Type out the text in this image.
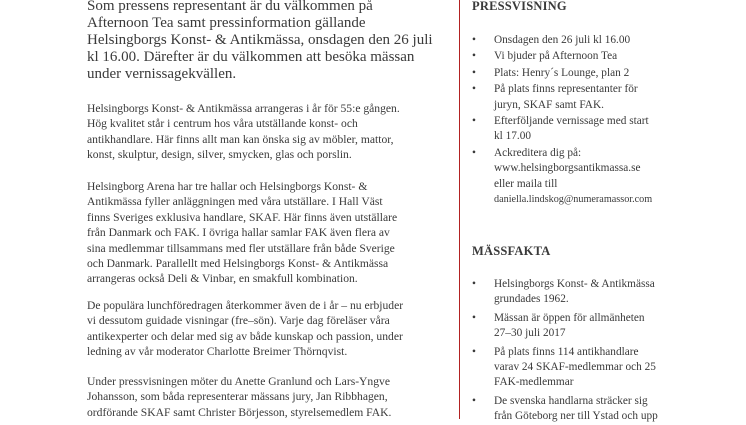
Som pressens representant är du välkommen på
Afternoon Tea samt pressinformation gällande
Helsingborgs Konst- & Antikmässa, onsdagen den 26 juli
kl 16.00. Därefter är du välkommen att besöka mässan
under vernissagekvällen.
Helsingborgs Konst- & Antikmässa arrangeras i år för 55:e gången.
Hög kvalitet står i centrum hos våra utställande konst- och
antikhandlare. Här finns allt man kan önska sig av möbler, mattor,
konst, skulptur, design, silver, smycken, glas och porslin.
Helsingborg Arena har tre hallar och Helsingborgs Konst- &
Antikmässa fyller anläggningen med våra utställare. I Hall Väst
finns Sveriges exklusiva handlare, SKAF. Här finns även utställare
från Danmark och FAK. I övriga hallar samlar FAK även flera av
sina medlemmar tillsammans med fler utställare från både Sverige
och Danmark. Parallellt med Helsingborgs Konst- & Antikmässa
arrangeras också Deli & Vinbar, en smakfull kombination.
De populära lunchföredragen återkommer även de i år – nu erbjuder
vi dessutom guidade visningar (fre–sön). Varje dag föreläser våra
antikexperter och delar med sig av både kunskap och passion, under
ledning av vår moderator Charlotte Breimer Thörnqvist.
Under pressvisningen möter du Anette Granlund och Lars-Yngve
Johansson, som båda representerar mässans jury, Jan Ribbhagen,
ordförande SKAF samt Christer Börjesson, styrelsemedlem FAK.
PRESSVISNING
• Onsdagen den 26 juli kl 16.00
• Vi bjuder på Afternoon Tea
• Plats: Henry´s Lounge, plan 2
• På plats finns representanter för
juryn, SKAF samt FAK.
• Efterföljande vernissage med start
kl 17.00
• Ackreditera dig på:
www.helsingborgsantikmassa.se
eller maila till
daniella.lindskog@numeramassor.com
MÄSSFAKTA
• Helsingborgs Konst- & Antikmässa
grundades 1962.
• Mässan är öppen för allmänheten
27–30 juli 2017
• På plats finns 114 antikhandlare
varav 24 SKAF-medlemmar och 25
FAK-medlemmar
• De svenska handlarna sträcker sig
från Göteborg ner till Ystad och upp
